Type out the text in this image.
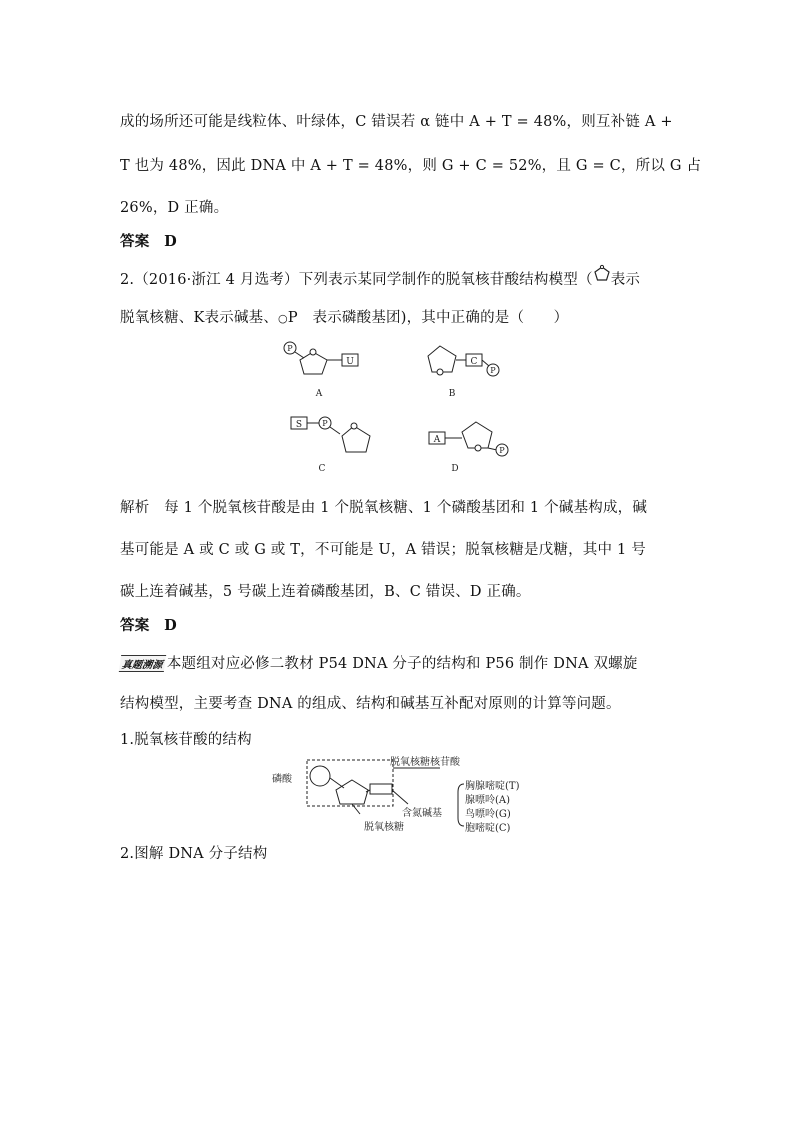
成的场所还可能是线粒体、叶绿体，C 错误若 α 链中 A + T = 48%，则互补链 A +
T 也为 48%，因此 DNA 中 A + T = 48%，则 G + C = 52%，且 G = C，所以 G 占
26%，D 正确。
答案　D
2.（2016·浙江 4 月选考）下列表示某同学制作的脱氧核苷酸结构模型（ 表示
脱氧核糖、K表示碱基、○P　 表示磷酸基团)，其中正确的是（　　）
P
U
A
C
P
B
S	P
C
A
P
D
解析　每 1 个脱氧核苷酸是由 1 个脱氧核糖、1 个磷酸基团和 1 个碱基构成，碱
基可能是 A 或 C 或 G 或 T，不可能是 U，A 错误；脱氧核糖是戊糖，其中 1 号
碳上连着碱基，5 号碳上连着磷酸基团，B、C 错误、D 正确。
答案　D
真题溯源 本题组对应必修二教材 P54 DNA 分子的结构和 P56 制作 DNA 双螺旋
结构模型，主要考查 DNA 的组成、结构和碱基互补配对原则的计算等问题。
1.脱氧核苷酸的结构
磷酸
脱氧核糖核苷酸
含氮碱基
脱氧核糖
胸腺嘧啶(T)
腺嘌呤(A)
鸟嘌呤(G)
胞嘧啶(C)
2.图解 DNA 分子结构
